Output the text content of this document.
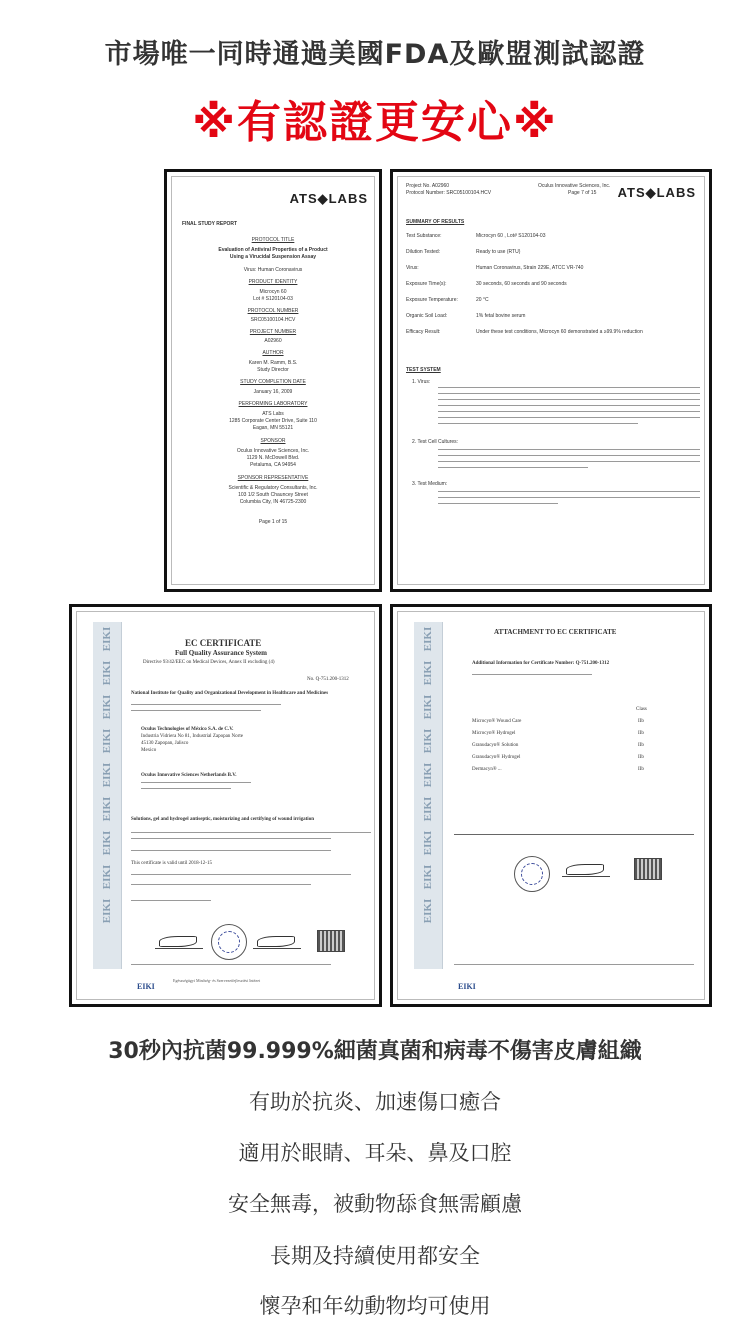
市場唯一同時通過美國FDA及歐盟測試認證
※有認證更安心※
ATS◆LABS
FINAL STUDY REPORT
PROTOCOL TITLE
Evaluation of Antiviral Properties of a Product
Using a Virucidal Suspension Assay
Virus: Human Coronavirus
PRODUCT IDENTITY
Microcyn 60
Lot # S120104-03
PROTOCOL NUMBER
SRC05100104.HCV
PROJECT NUMBER
A02960
AUTHOR
Karen M. Ramm, B.S.
Study Director
STUDY COMPLETION DATE
January 16, 2009
PERFORMING LABORATORY
ATS Labs
1285 Corporate Center Drive, Suite 110
Eagan, MN 55121
SPONSOR
Oculus Innovative Sciences, Inc.
1129 N. McDowell Blvd.
Petaluma, CA 94954
SPONSOR REPRESENTATIVE
Scientific & Regulatory Consultants, Inc.
103 1/2 South Chauncey Street
Columbia City, IN 46725-2300
Page 1 of 15
Project No. A02960
Protocol Number: SRC05100104.HCV
Oculus Innovative Sciences, Inc.
Page 7 of 15 ATS◆LABS
SUMMARY OF RESULTS
Test Substance:	Microcyn 60 , Lot# S120104-03
Dilution Tested:	Ready to use (RTU)
Virus:	Human Coronavirus, Strain 229E, ATCC VR-740
Exposure Time(s):	30 seconds, 60 seconds and 90 seconds
Exposure Temperature:	20 °C
Organic Soil Load:	1% fetal bovine serum
Efficacy Result:	Under these test conditions, Microcyn 60 demonstrated a ≥99.9% reduction
TEST SYSTEM
1. Virus:
2. Test Cell Cultures:
3. Test Medium:
EIKI
EIKI
EIKI
EIKI
EIKI
EIKI
EIKI
EIKI
EIKI
EC CERTIFICATE
Full Quality Assurance System
Directive 93/42/EEC on Medical Devices, Annex II excluding (4)
No. Q-751.200-1312
National Institute for Quality and Organizational Development in Healthcare and Medicines
Oculus Technologies of México S.A. de C.V.
Industria Vidriera No 81, Industrial Zapopan Norte
45130 Zapopan, Jalisco
Mexico
Oculus Innovative Sciences Netherlands B.V.
Solutions, gel and hydrogel antiseptic, moisturizing and certifying of wound irrigation
This certificate is valid until 2018-12-15
EIKI
Egészségügyi Minőség- és Szervezetfejlesztési Intézet
EIKI
EIKI
EIKI
EIKI
EIKI
EIKI
EIKI
EIKI
EIKI
ATTACHMENT TO EC CERTIFICATE
Additional Information for Certificate Number: Q-751.200-1312
Class
Microcyn® Wound Care	IIb
Microcyn® Hydrogel	IIb
Granudacyn® Solution	IIb
Granudacyn® Hydrogel	IIb
Dermacyn® ...	IIb
EIKI
30秒內抗菌99.999%細菌真菌和病毒不傷害皮膚組織
有助於抗炎、加速傷口癒合
適用於眼睛、耳朵、鼻及口腔
安全無毒，被動物舔食無需顧慮
長期及持續使用都安全
懷孕和年幼動物均可使用
